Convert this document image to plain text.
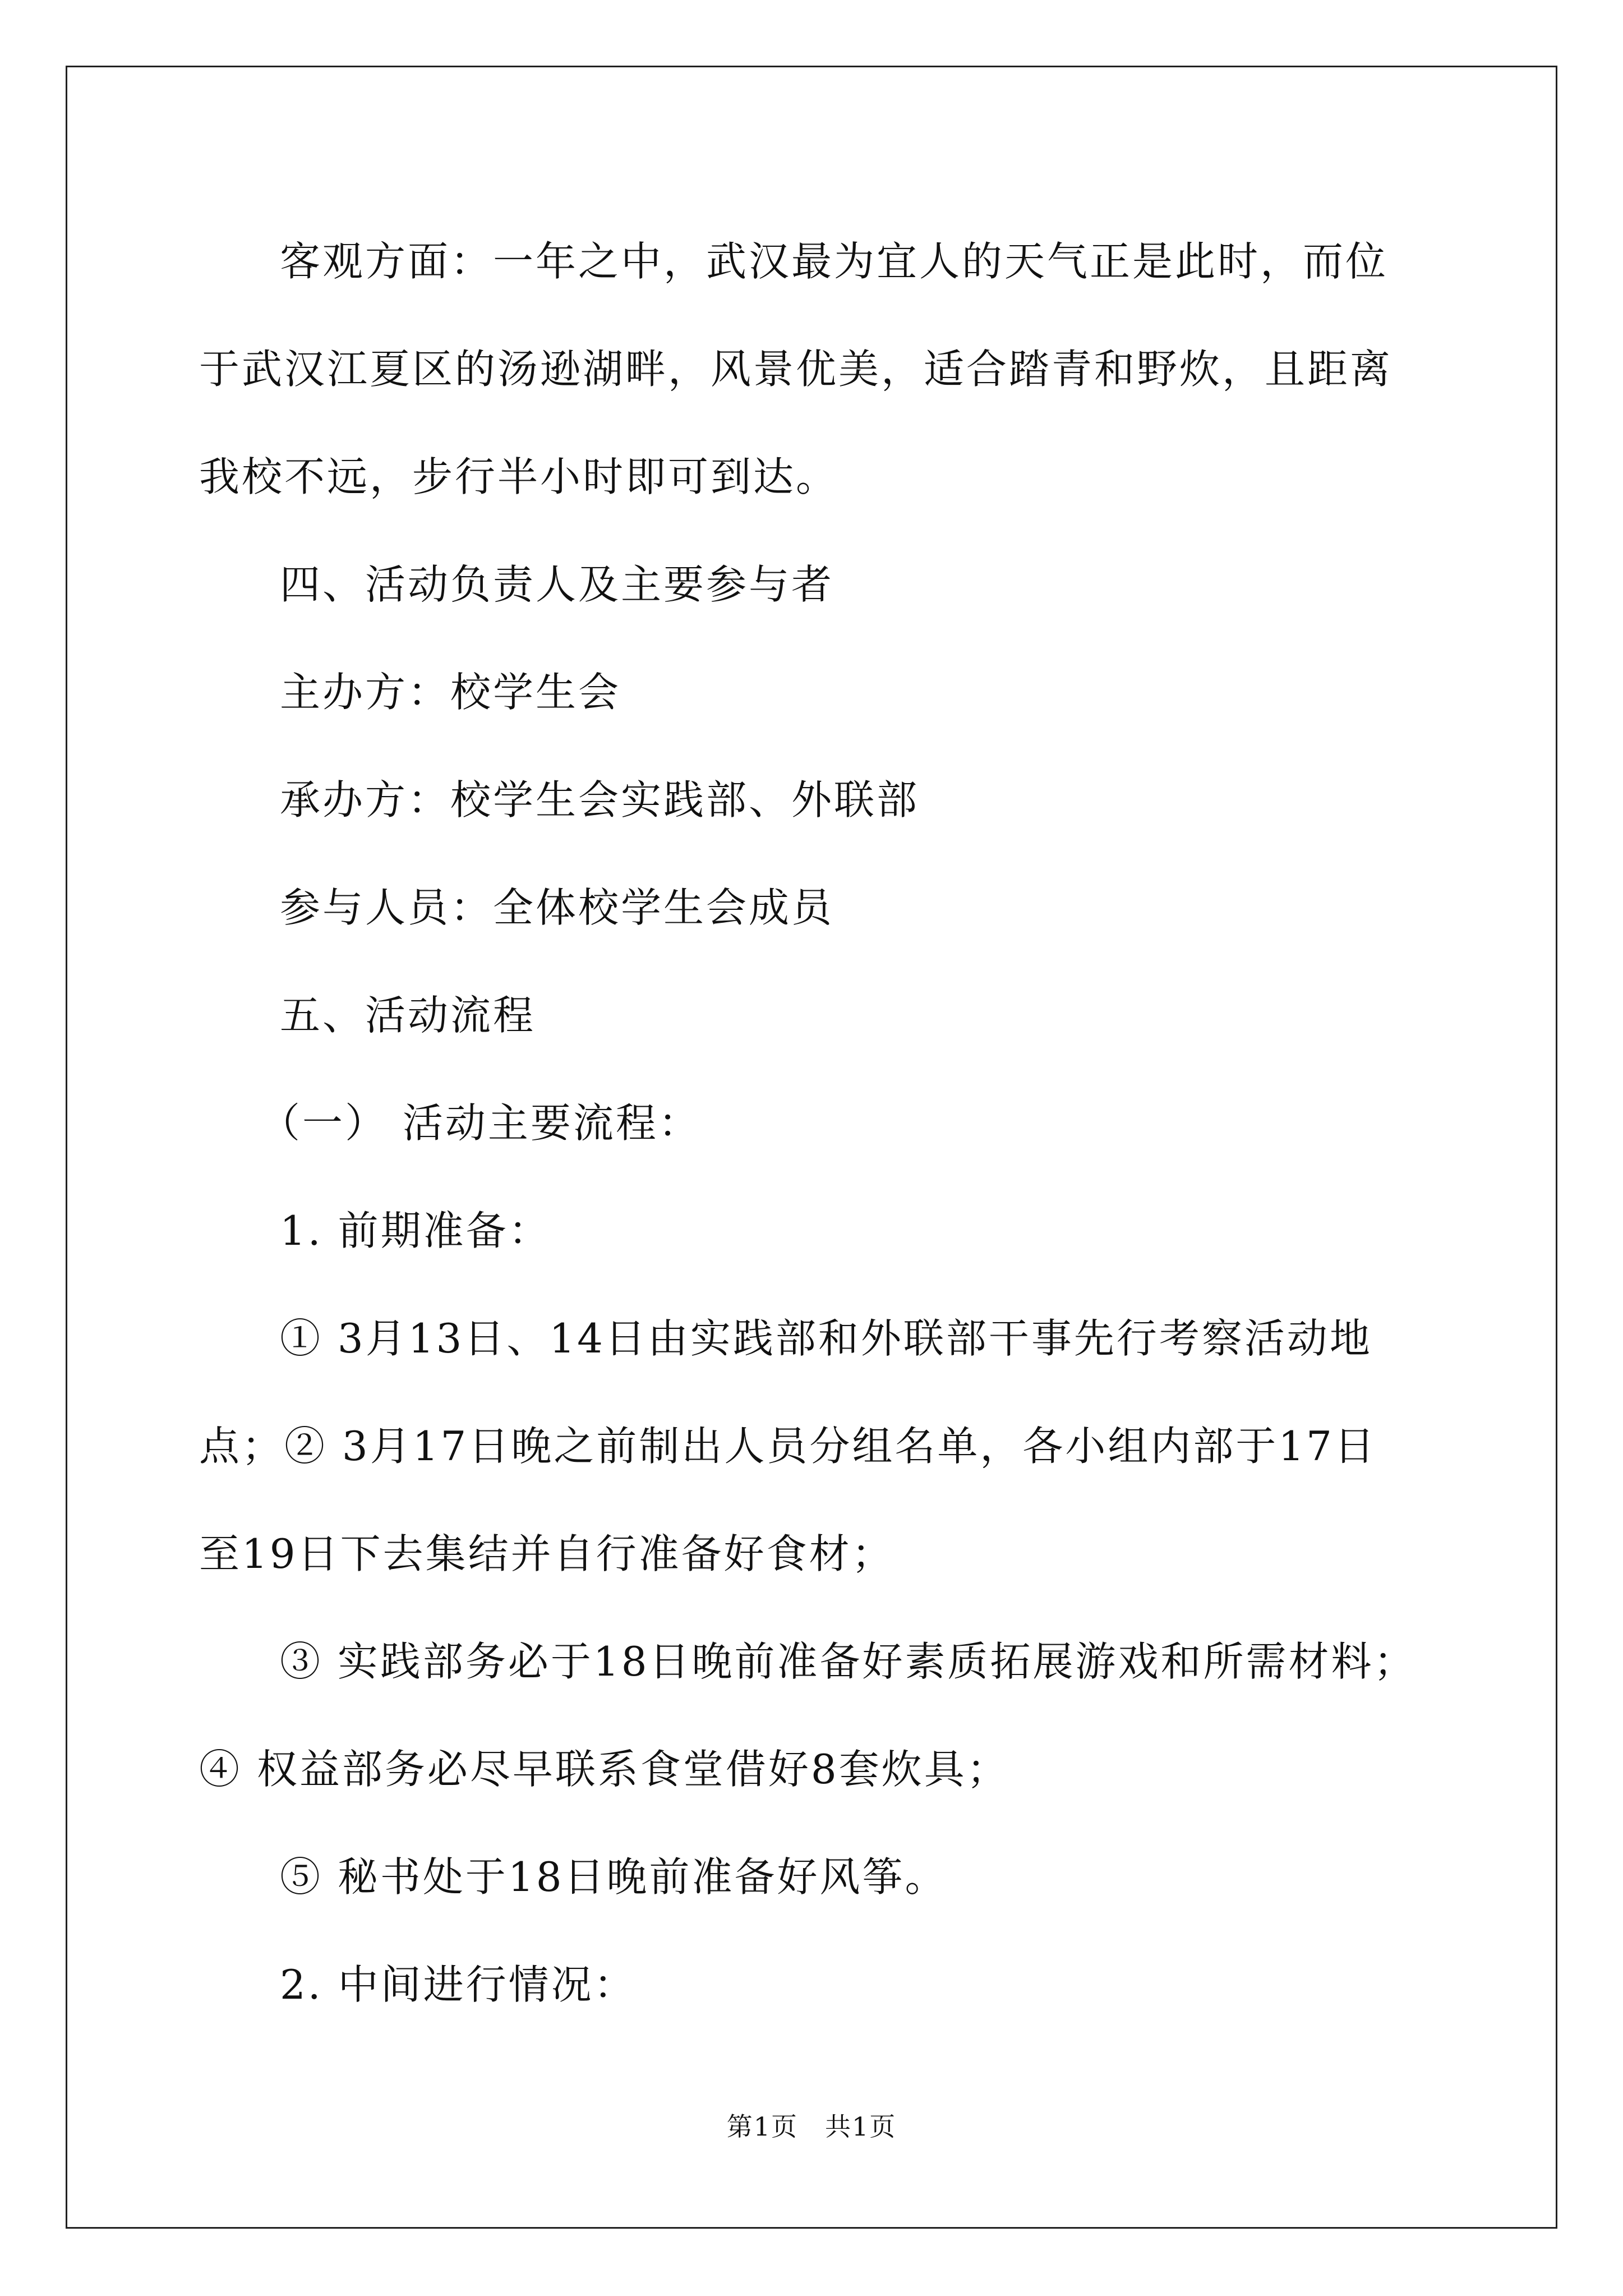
客观方面：一年之中，武汉最为宜人的天气正是此时，而位于武汉江夏区的汤逊湖畔，风景优美，适合踏青和野炊，且距离我校不远，步行半小时即可到达。

四、活动负责人及主要参与者

主办方：校学生会

承办方：校学生会实践部、外联部

参与人员：全体校学生会成员

五、活动流程

（一） 活动主要流程：

1. 前期准备：

① 3月13日、14日由实践部和外联部干事先行考察活动地点；② 3月17日晚之前制出人员分组名单，各小组内部于17日至19日下去集结并自行准备好食材；

③ 实践部务必于18日晚前准备好素质拓展游戏和所需材料；④ 权益部务必尽早联系食堂借好8套炊具；

⑤ 秘书处于18日晚前准备好风筝。

2. 中间进行情况：

第1页　共1页
